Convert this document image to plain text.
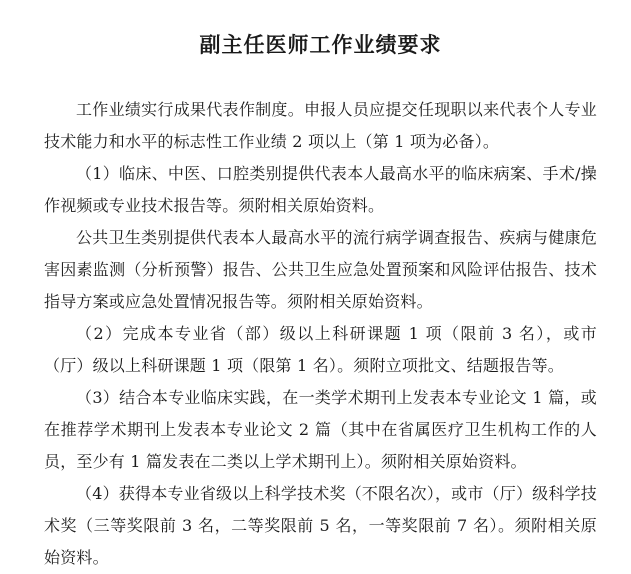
副主任医师工作业绩要求

工作业绩实行成果代表作制度。申报人员应提交任现职以来代表个人专业技术能力和水平的标志性工作业绩 2 项以上（第 1 项为必备）。

（1）临床、中医、口腔类别提供代表本人最高水平的临床病案、手术/操作视频或专业技术报告等。须附相关原始资料。

公共卫生类别提供代表本人最高水平的流行病学调查报告、疾病与健康危害因素监测（分析预警）报告、公共卫生应急处置预案和风险评估报告、技术指导方案或应急处置情况报告等。须附相关原始资料。

（2）完成本专业省（部）级以上科研课题 1 项（限前 3 名），或市（厅）级以上科研课题 1 项（限第 1 名）。须附立项批文、结题报告等。

（3）结合本专业临床实践，在一类学术期刊上发表本专业论文 1 篇，或在推荐学术期刊上发表本专业论文 2 篇（其中在省属医疗卫生机构工作的人员，至少有 1 篇发表在二类以上学术期刊上）。须附相关原始资料。

（4）获得本专业省级以上科学技术奖（不限名次），或市（厅）级科学技术奖（三等奖限前 3 名，二等奖限前 5 名，一等奖限前 7 名）。须附相关原始资料。
